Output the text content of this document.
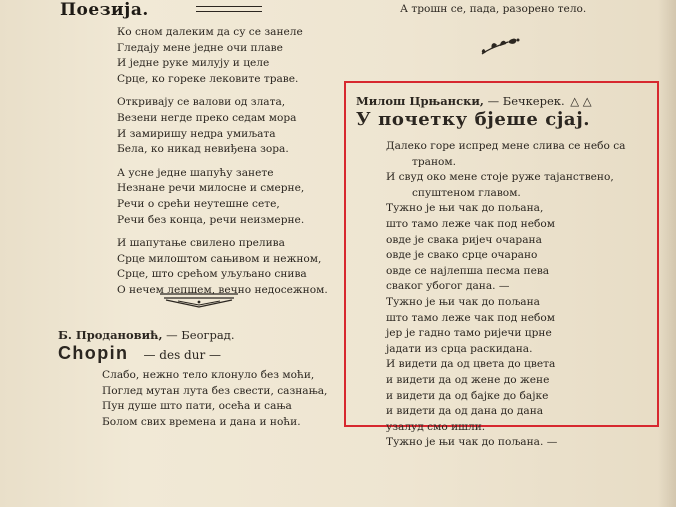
Поезија.
Ко сном далеким да су се занеле
Гледају мене једне очи плаве
И једне руке милују и целе
Срце, ко гореке лековите траве.
Откривају се валови од злата,
Везени негде преко седам мора
И замиришу недра умиљата
Бела, ко никад невиђена зора.
А усне једне шапућу занете
Незнане речи милосне и смерне,
Речи о срећи неутешне сете,
Речи без конца, речи неизмерне.
И шапутање свилено прелива
Срце милоштом сањивом и нежном,
Срце, што срећом уљуљано снива
О нечем лепшем, вечно недосежном.
Б. Продановић, — Београд.
Chopin — des dur —
Слабо, нежно тело клонуло без моћи,
Поглед мутан лута без свести, сазнања,
Пун душе што пати, осећа и сања
Болом свих времена и дана и ноћи.
А трошн се, пада, разорено тело.
Милош Црњански, — Бечкерек. △ △
У почетку бјеше сјај.
Далеко горе испред мене слива се небо са
траном.
И свуд око мене стоје руже тајанствено,
спуштеном главом.
Тужно је њи чак до пољана,
што тамо леже чак под небом
овде је свака ријеч очарана
овде је свако срце очарано
овде се најлепша песма пева
сваког убогог дана. —
Тужно је њи чак до пољана
што тамо леже чак под небом
јер је гадно тамо ријечи црне
јадати из срца раскидана.
И видети да од цвета до цвета
и видети да од жене до жене
и видети да од бајке до бајке
и видети да од дана до дана
узалуд смо ишли.
Тужно је њи чак до пољана. —
